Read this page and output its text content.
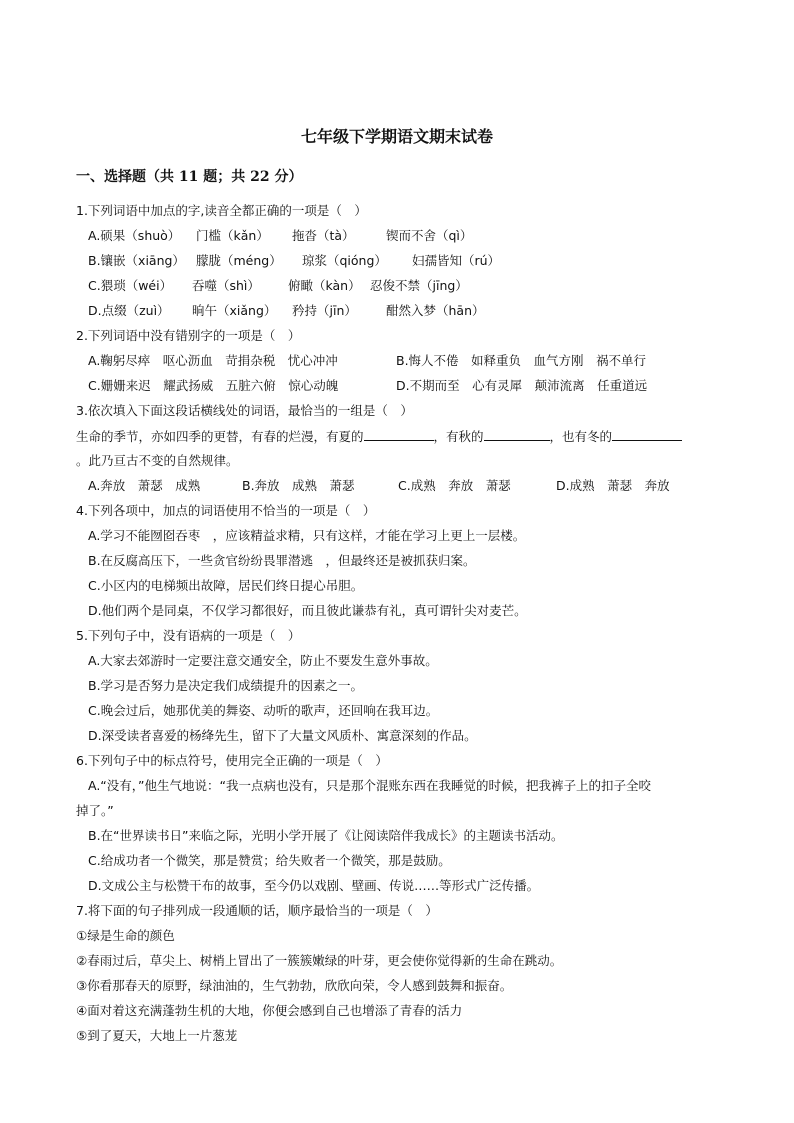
七年级下学期语文期末试卷
一、选择题（共 11 题；共 22 分）
1.下列词语中加点的字,读音全都正确的一项是（　）
A.硕果（shuò） 门槛（kǎn） 拖沓（tà）	锲而不舍（qì）
B.镶嵌（xiāng） 朦胧（méng） 琼浆（qióng） 妇孺皆知（rú）
C.猥琐（wéi） 吞噬（shì） 俯瞰（kàn） 忍俊不禁（jīng）
D.点缀（zuì） 晌午（xiǎng） 矜持（jīn） 酣然入梦（hān）
2.下列词语中没有错别字的一项是（　）
A.鞠躬尽瘁　呕心沥血　苛捐杂税　忧心冲冲	B.悔人不倦　如释重负　血气方刚　祸不单行
C.姗姗来迟　耀武扬威　五脏六俯　惊心动魄	D.不期而至　心有灵犀　颠沛流离　任重道远
3.依次填入下面这段话横线处的词语，最恰当的一组是（　）
生命的季节，亦如四季的更替，有春的烂漫，有夏的	，有秋的	，也有冬的
。此乃亘古不变的自然规律。
A.奔放　萧瑟　成熟	B.奔放　成熟　萧瑟	C.成熟　奔放　萧瑟	D.成熟　萧瑟　奔放
4.下列各项中，加点的词语使用不恰当的一项是（　）
A.学习不能囫囵吞枣　，应该精益求精，只有这样，才能在学习上更上一层楼。
B.在反腐高压下，一些贪官纷纷畏罪潜逃　，但最终还是被抓获归案。
C.小区内的电梯频出故障，居民们终日提心吊胆。
D.他们两个是同桌，不仅学习都很好，而且彼此谦恭有礼，真可谓针尖对麦芒。
5.下列句子中，没有语病的一项是（　）
A.大家去郊游时一定要注意交通安全，防止不要发生意外事故。
B.学习是否努力是决定我们成绩提升的因素之一。
C.晚会过后，她那优美的舞姿、动听的歌声，还回响在我耳边。
D.深受读者喜爱的杨绛先生，留下了大量文风质朴、寓意深刻的作品。
6.下列句子中的标点符号，使用完全正确的一项是（　）
A.“没有，”他生气地说：“我一点病也没有，只是那个混账东西在我睡觉的时候，把我裤子上的扣子全咬
掉了。”
B.在“世界读书日”来临之际，光明小学开展了《让阅读陪伴我成长》的主题读书活动。
C.给成功者一个微笑，那是赞赏；给失败者一个微笑，那是鼓励。
D.文成公主与松赞干布的故事，至今仍以戏剧、壁画、传说……等形式广泛传播。
7.将下面的句子排列成一段通顺的话，顺序最恰当的一项是（　）
①绿是生命的颜色
②春雨过后，草尖上、树梢上冒出了一簇簇嫩绿的叶芽，更会使你觉得新的生命在跳动。
③你看那春天的原野，绿油油的，生气勃勃，欣欣向荣，令人感到鼓舞和振奋。
④面对着这充满蓬勃生机的大地，你便会感到自己也增添了青春的活力
⑤到了夏天，大地上一片葱茏
